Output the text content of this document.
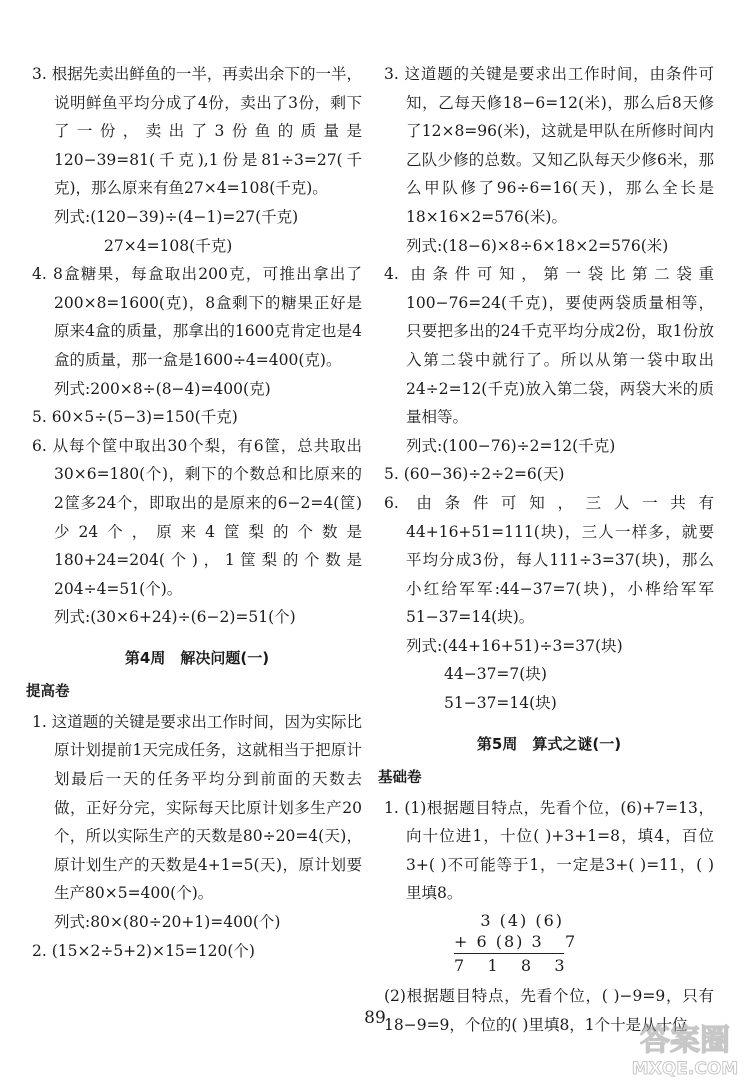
3. 根据先卖出鲜鱼的一半，再卖出余下的一半，说明鲜鱼平均分成了4份，卖出了3份，剩下了一份，卖出了3份鱼的质量是120−39=81(千克),1份是81÷3=27(千克)，那么原来有鱼27×4=108(千克)。

列式:(120−39)÷(4−1)=27(千克)

27×4=108(千克)

4. 8盒糖果，每盒取出200克，可推出拿出了200×8=1600(克)，8盒剩下的糖果正好是原来4盒的质量，那拿出的1600克肯定也是4盒的质量，那一盒是1600÷4=400(克)。

列式:200×8÷(8−4)=400(克)

5. 60×5÷(5−3)=150(千克)

6. 从每个筐中取出30个梨，有6筐，总共取出30×6=180(个)，剩下的个数总和比原来的2筐多24个，即取出的是原来的6−2=4(筐)少24个，原来4筐梨的个数是180+24=204(个)，1筐梨的个数是204÷4=51(个)。

列式:(30×6+24)÷(6−2)=51(个)

第4周　解决问题(一)
提高卷

1. 这道题的关键是要求出工作时间，因为实际比原计划提前1天完成任务，这就相当于把原计划最后一天的任务平均分到前面的天数去做，正好分完，实际每天比原计划多生产20个，所以实际生产的天数是80÷20=4(天)，原计划生产的天数是4+1=5(天)，原计划要生产80×5=400(个)。

列式:80×(80÷20+1)=400(个)

2. (15×2÷5+2)×15=120(个)

3. 这道题的关键是要求出工作时间，由条件可知，乙每天修18−6=12(米)，那么后8天修了12×8=96(米)，这就是甲队在所修时间内乙队少修的总数。又知乙队每天少修6米，那么甲队修了96÷6=16(天)，那么全长是18×16×2=576(米)。

列式:(18−6)×8÷6×18×2=576(米)

4. 由条件可知，第一袋比第二袋重100−76=24(千克)，要使两袋质量相等，只要把多出的24千克平均分成2份，取1份放入第二袋中就行了。所以从第一袋中取出24÷2=12(千克)放入第二袋，两袋大米的质量相等。

列式:(100−76)÷2=12(千克)

5. (60−36)÷2÷2=6(天)

6. 由条件可知，三人一共有44+16+51=111(块)，三人一样多，就要平均分成3份，每人111÷3=37(块)，那么小红给军军:44−37=7(块)，小桦给军军51−37=14(块)。

列式:(44+16+51)÷3=37(块)

44−37=7(块)

51−37=14(块)

第5周　算式之谜(一)
基础卷

1. (1)根据题目特点，先看个位，(6)+7=13，向十位进1，十位( )+3+1=8，填4，百位3+( )不可能等于1，一定是3+( )=11，( )里填8。

3 (4) (6)
+ 6 (8) 3   7
7   1   8   3

(2)根据题目特点，先看个位，( )−9=9，只有18−9=9，个位的( )里填8，1个十是从十位

89
答案圈
MXQE.COM
